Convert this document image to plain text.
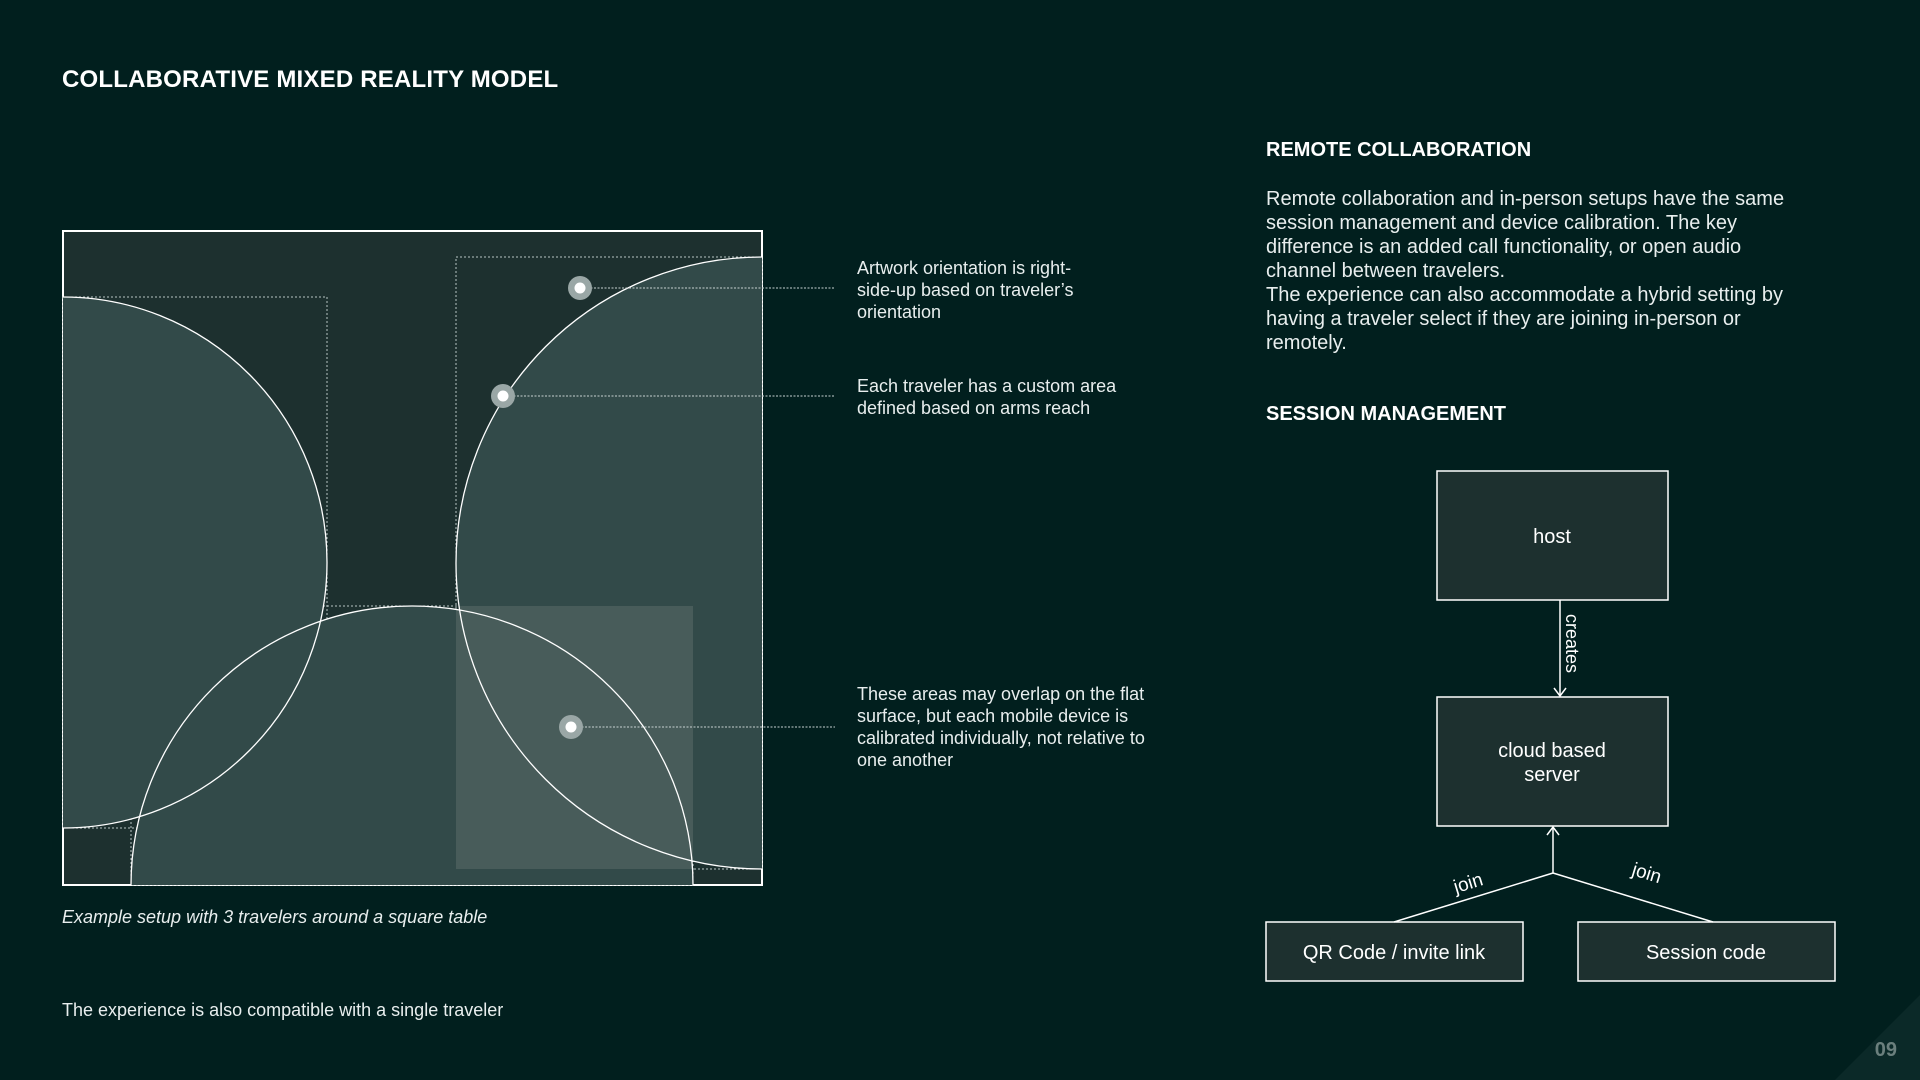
COLLABORATIVE MIXED REALITY MODEL
host
cloud based
server
QR Code / invite link	Session code
creates
join	join
Artwork orientation is right-
side-up based on traveler’s
orientation
Each traveler has a custom area
defined based on arms reach
These areas may overlap on the flat
surface, but each mobile device is
calibrated individually, not relative to
one another
Example setup with 3 travelers around a square table
The experience is also compatible with a single traveler
REMOTE COLLABORATION
Remote collaboration and in-person setups have the same
session management and device calibration. The key
difference is an added call functionality, or open audio
channel between travelers.
The experience can also accommodate a hybrid setting by
having a traveler select if they are joining in-person or
remotely.
SESSION MANAGEMENT
09
